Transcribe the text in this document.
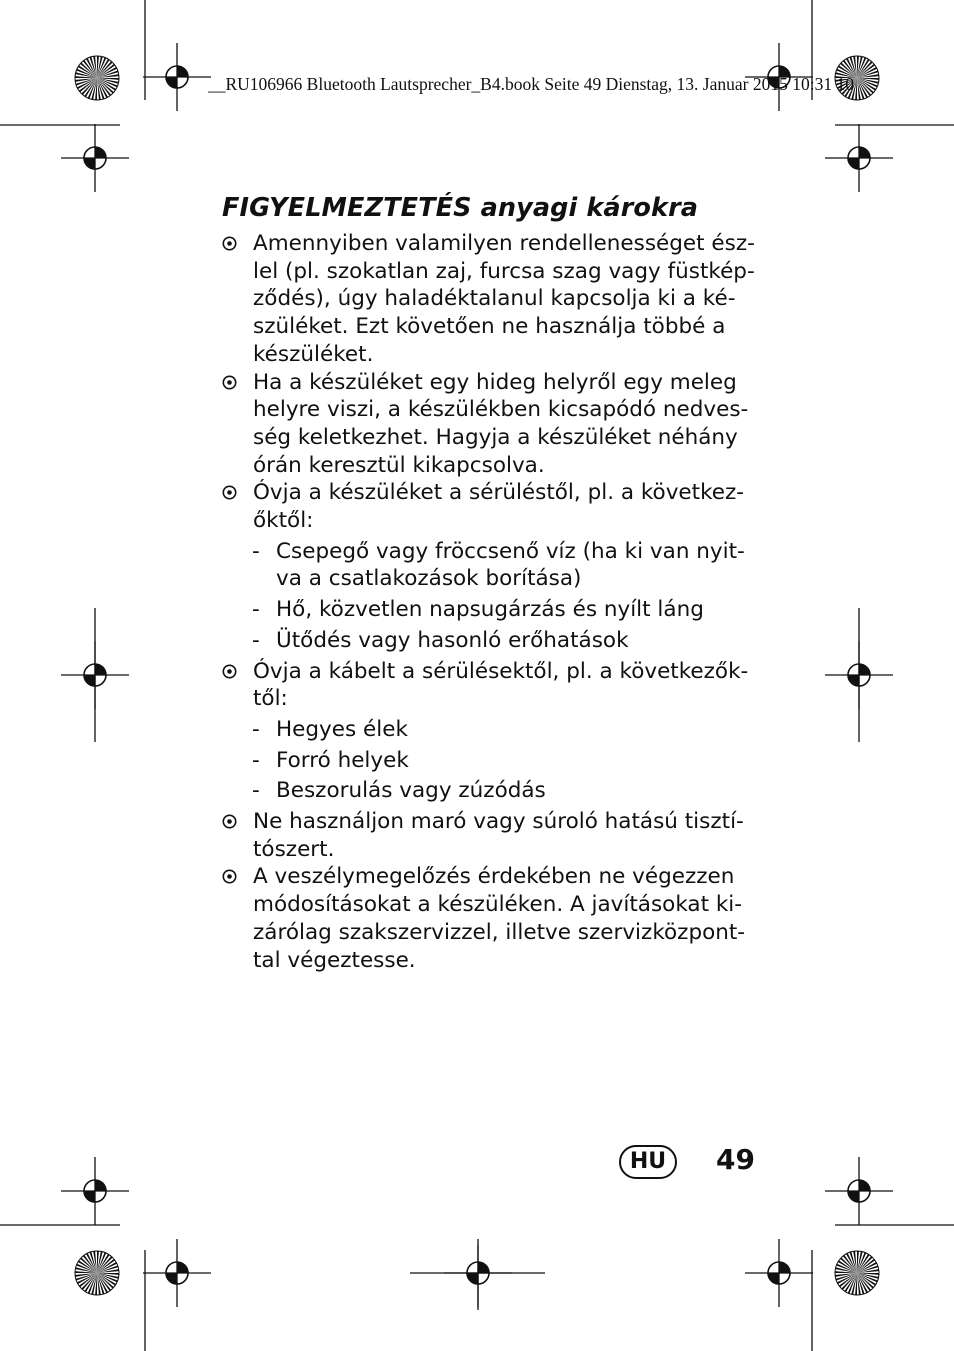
__RU106966 Bluetooth Lautsprecher_B4.book Seite 49 Dienstag, 13. Januar 2015 10:31 10
FIGYELMEZTETÉS anyagi károkra
Amennyiben valamilyen rendellenességet ész-
lel (pl. szokatlan zaj, furcsa szag vagy füstkép-
ződés), úgy haladéktalanul kapcsolja ki a ké-
szüléket. Ezt követően ne használja többé a
készüléket.
Ha a készüléket egy hideg helyről egy meleg
helyre viszi, a készülékben kicsapódó nedves-
ség keletkezhet. Hagyja a készüléket néhány
órán keresztül kikapcsolva.
Óvja a készüléket a sérüléstől, pl. a következ-
őktől:
- Csepegő vagy fröccsenő víz (ha ki van nyit-
va a csatlakozások borítása)
- Hő, közvetlen napsugárzás és nyílt láng
- Ütődés vagy hasonló erőhatások
Óvja a kábelt a sérülésektől, pl. a következők-
től:
- Hegyes élek
- Forró helyek
- Beszorulás vagy zúzódás
Ne használjon maró vagy súroló hatású tisztí-
tószert.
A veszélymegelőzés érdekében ne végezzen
módosításokat a készüléken. A javításokat ki-
zárólag szakszervizzel, illetve szervizközpont-
tal végeztesse.
HU	49
